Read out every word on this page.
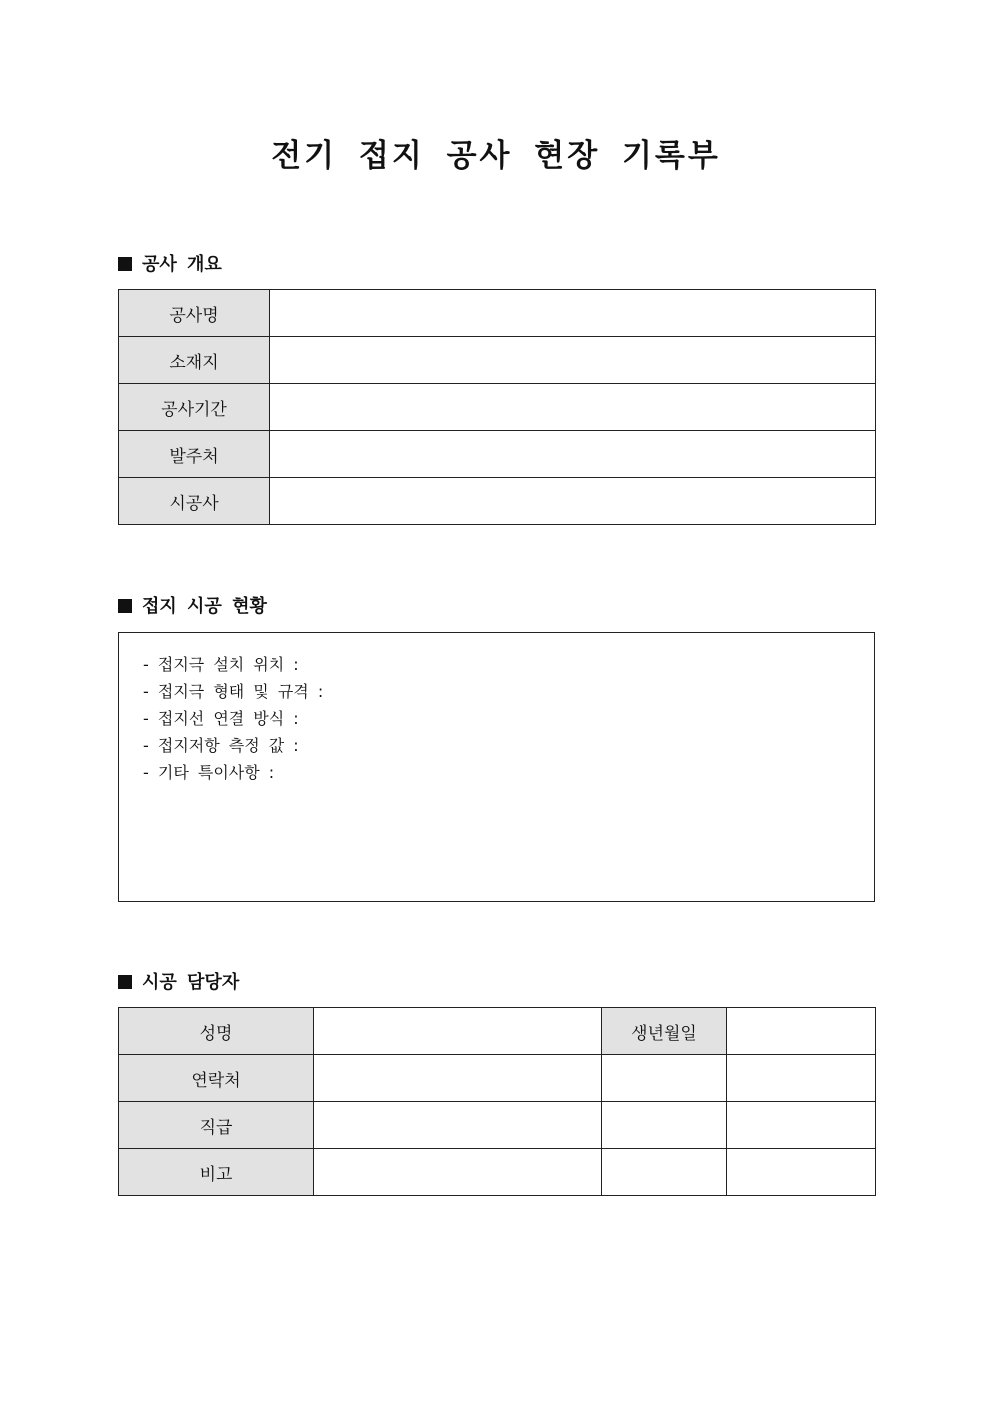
전기 접지 공사 현장 기록부
공사 개요
공사명	
소재지	
공사기간	
발주처	
시공사	
접지 시공 현황
- 접지극 설치 위치 :
- 접지극 형태 및 규격 :
- 접지선 연결 방식 :
- 접지저항 측정 값 :
- 기타 특이사항 :
시공 담당자
성명		생년월일	
연락처			
직급			
비고			
